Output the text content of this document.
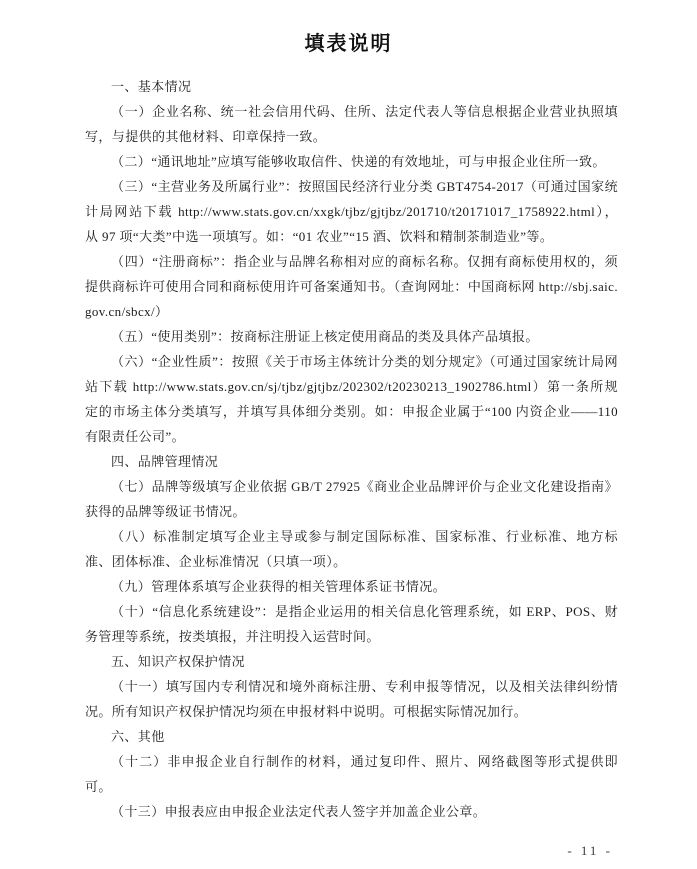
填表说明

一、基本情况

（一）企业名称、统一社会信用代码、住所、法定代表人等信息根据企业营业执照填写，与提供的其他材料、印章保持一致。

（二）“通讯地址”应填写能够收取信件、快递的有效地址，可与申报企业住所一致。

（三）“主营业务及所属行业”：按照国民经济行业分类 GBT4754-2017（可通过国家统计局网站下载 http://www.stats.gov.cn/xxgk/tjbz/gjtjbz/201710/t20171017_1758922.html），从 97 项“大类”中选一项填写。如：“01 农业”“15 酒、饮料和精制茶制造业”等。

（四）“注册商标”：指企业与品牌名称相对应的商标名称。仅拥有商标使用权的，须提供商标许可使用合同和商标使用许可备案通知书。（查询网址：中国商标网 http://sbj.saic.gov.cn/sbcx/）

（五）“使用类别”：按商标注册证上核定使用商品的类及具体产品填报。

（六）“企业性质”：按照《关于市场主体统计分类的划分规定》（可通过国家统计局网站下载 http://www.stats.gov.cn/sj/tjbz/gjtjbz/202302/t20230213_1902786.html）第一条所规定的市场主体分类填写，并填写具体细分类别。如：申报企业属于“100 内资企业——110 有限责任公司”。

四、品牌管理情况

（七）品牌等级填写企业依据 GB/T 27925《商业企业品牌评价与企业文化建设指南》获得的品牌等级证书情况。

（八）标准制定填写企业主导或参与制定国际标准、国家标准、行业标准、地方标准、团体标准、企业标准情况（只填一项）。

（九）管理体系填写企业获得的相关管理体系证书情况。

（十）“信息化系统建设”：是指企业运用的相关信息化管理系统，如 ERP、POS、财务管理等系统，按类填报，并注明投入运营时间。

五、知识产权保护情况

（十一）填写国内专利情况和境外商标注册、专利申报等情况，以及相关法律纠纷情况。所有知识产权保护情况均须在申报材料中说明。可根据实际情况加行。

六、其他

（十二）非申报企业自行制作的材料，通过复印件、照片、网络截图等形式提供即可。

（十三）申报表应由申报企业法定代表人签字并加盖企业公章。

- 11 -
